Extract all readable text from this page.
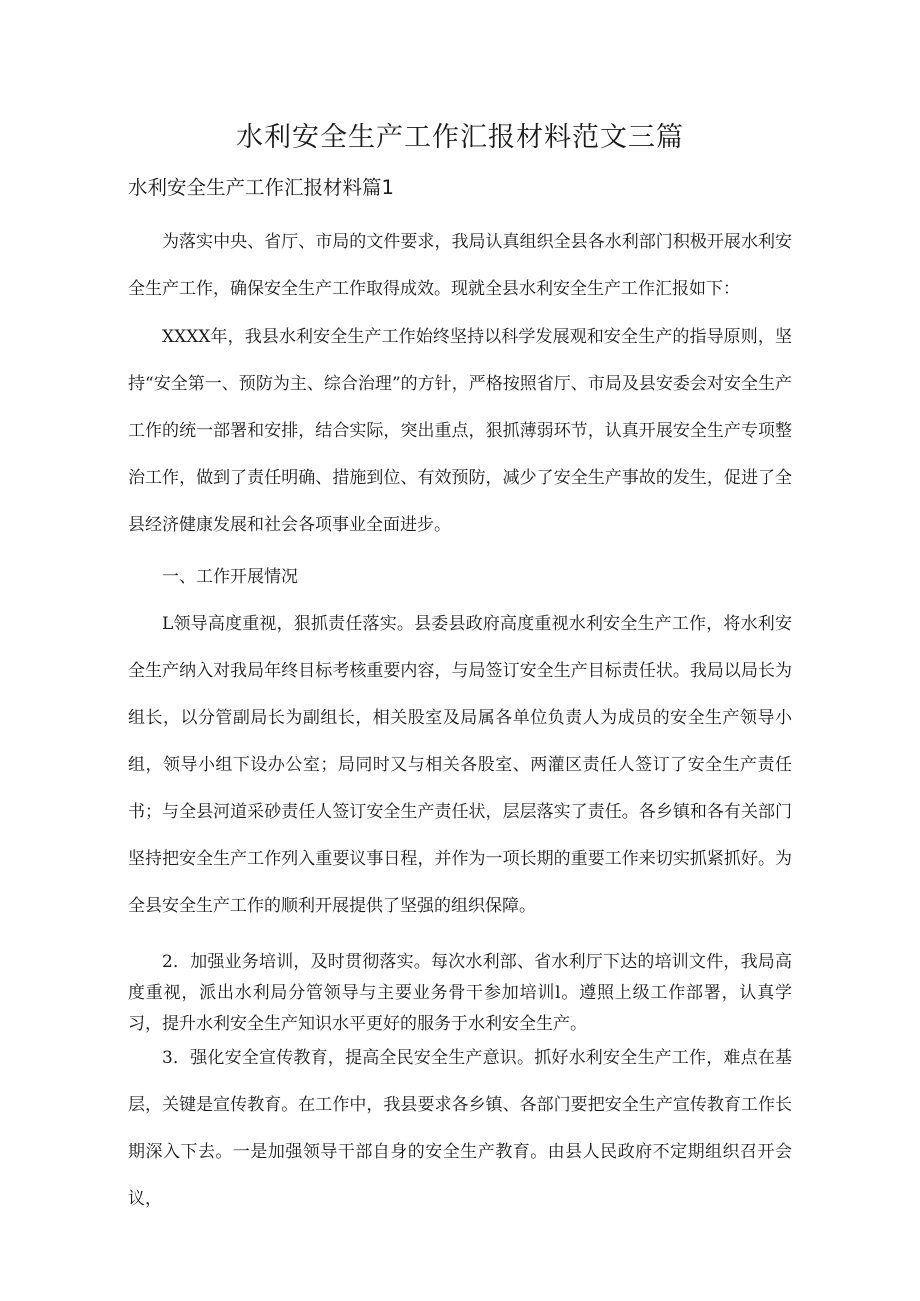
水利安全生产工作汇报材料范文三篇
水利安全生产工作汇报材料篇1

为落实中央、省厅、市局的文件要求，我局认真组织全县各水利部门积极开展水利安全生产工作，确保安全生产工作取得成效。现就全县水利安全生产工作汇报如下：

XXXX年，我县水利安全生产工作始终坚持以科学发展观和安全生产的指导原则，坚持“安全第一、预防为主、综合治理”的方针，严格按照省厅、市局及县安委会对安全生产工作的统一部署和安排，结合实际，突出重点，狠抓薄弱环节，认真开展安全生产专项整治工作，做到了责任明确、措施到位、有效预防，减少了安全生产事故的发生，促进了全县经济健康发展和社会各项事业全面进步。

一、工作开展情况

L领导高度重视，狠抓责任落实。县委县政府高度重视水利安全生产工作，将水利安全生产纳入对我局年终目标考核重要内容，与局签订安全生产目标责任状。我局以局长为组长，以分管副局长为副组长，相关股室及局属各单位负责人为成员的安全生产领导小组，领导小组下设办公室；局同时又与相关各股室、两灌区责任人签订了安全生产责任书；与全县河道采砂责任人签订安全生产责任状，层层落实了责任。各乡镇和各有关部门坚持把安全生产工作列入重要议事日程，并作为一项长期的重要工作来切实抓紧抓好。为全县安全生产工作的顺利开展提供了坚强的组织保障。

2．加强业务培训，及时贯彻落实。每次水利部、省水利厅下达的培训文件，我局高度重视，派出水利局分管领导与主要业务骨干参加培训l。遵照上级工作部署，认真学习，提升水利安全生产知识水平更好的服务于水利安全生产。

3．强化安全宣传教育，提高全民安全生产意识。抓好水利安全生产工作，难点在基层，关键是宣传教育。在工作中，我县要求各乡镇、各部门要把安全生产宣传教育工作长期深入下去。一是加强领导干部自身的安全生产教育。由县人民政府不定期组织召开会议，
